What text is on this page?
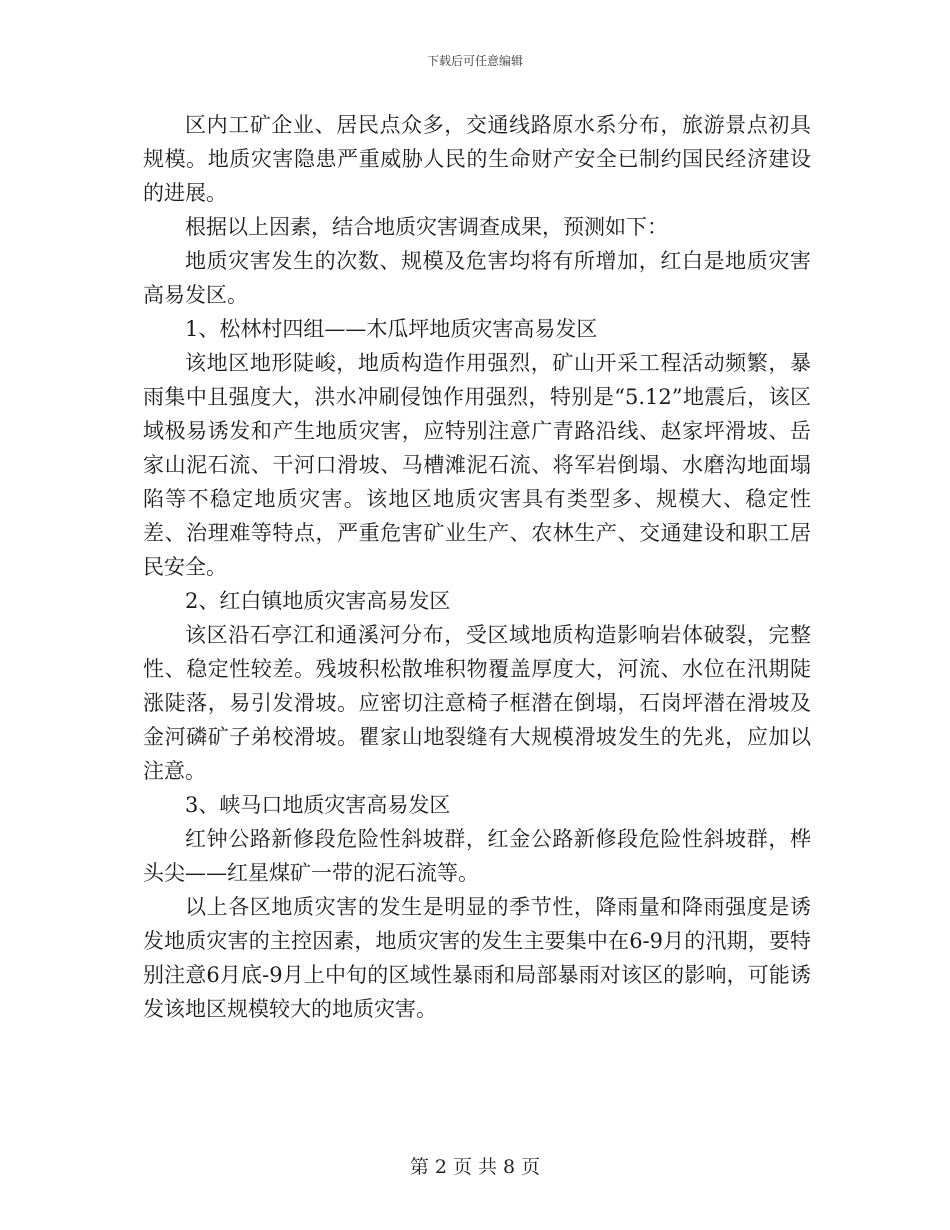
下载后可任意编辑

区内工矿企业、居民点众多，交通线路原水系分布，旅游景点初具规模。地质灾害隐患严重威胁人民的生命财产安全已制约国民经济建设的进展。

根据以上因素，结合地质灾害调查成果，预测如下：

地质灾害发生的次数、规模及危害均将有所增加，红白是地质灾害高易发区。

1、松林村四组——木瓜坪地质灾害高易发区

该地区地形陡峻，地质构造作用强烈，矿山开采工程活动频繁，暴雨集中且强度大，洪水冲刷侵蚀作用强烈，特别是“5.12”地震后，该区域极易诱发和产生地质灾害，应特别注意广青路沿线、赵家坪滑坡、岳家山泥石流、干河口滑坡、马槽滩泥石流、将军岩倒塌、水磨沟地面塌陷等不稳定地质灾害。该地区地质灾害具有类型多、规模大、稳定性差、治理难等特点，严重危害矿业生产、农林生产、交通建设和职工居民安全。

2、红白镇地质灾害高易发区

该区沿石亭江和通溪河分布，受区域地质构造影响岩体破裂，完整性、稳定性较差。残坡积松散堆积物覆盖厚度大，河流、水位在汛期陡涨陡落，易引发滑坡。应密切注意椅子框潜在倒塌，石岗坪潜在滑坡及金河磷矿子弟校滑坡。瞿家山地裂缝有大规模滑坡发生的先兆，应加以注意。

3、峡马口地质灾害高易发区

红钟公路新修段危险性斜坡群，红金公路新修段危险性斜坡群，桦头尖——红星煤矿一带的泥石流等。

以上各区地质灾害的发生是明显的季节性，降雨量和降雨强度是诱发地质灾害的主控因素，地质灾害的发生主要集中在6-9月的汛期，要特别注意6月底-9月上中旬的区域性暴雨和局部暴雨对该区的影响，可能诱发该地区规模较大的地质灾害。

第 2 页 共 8 页
